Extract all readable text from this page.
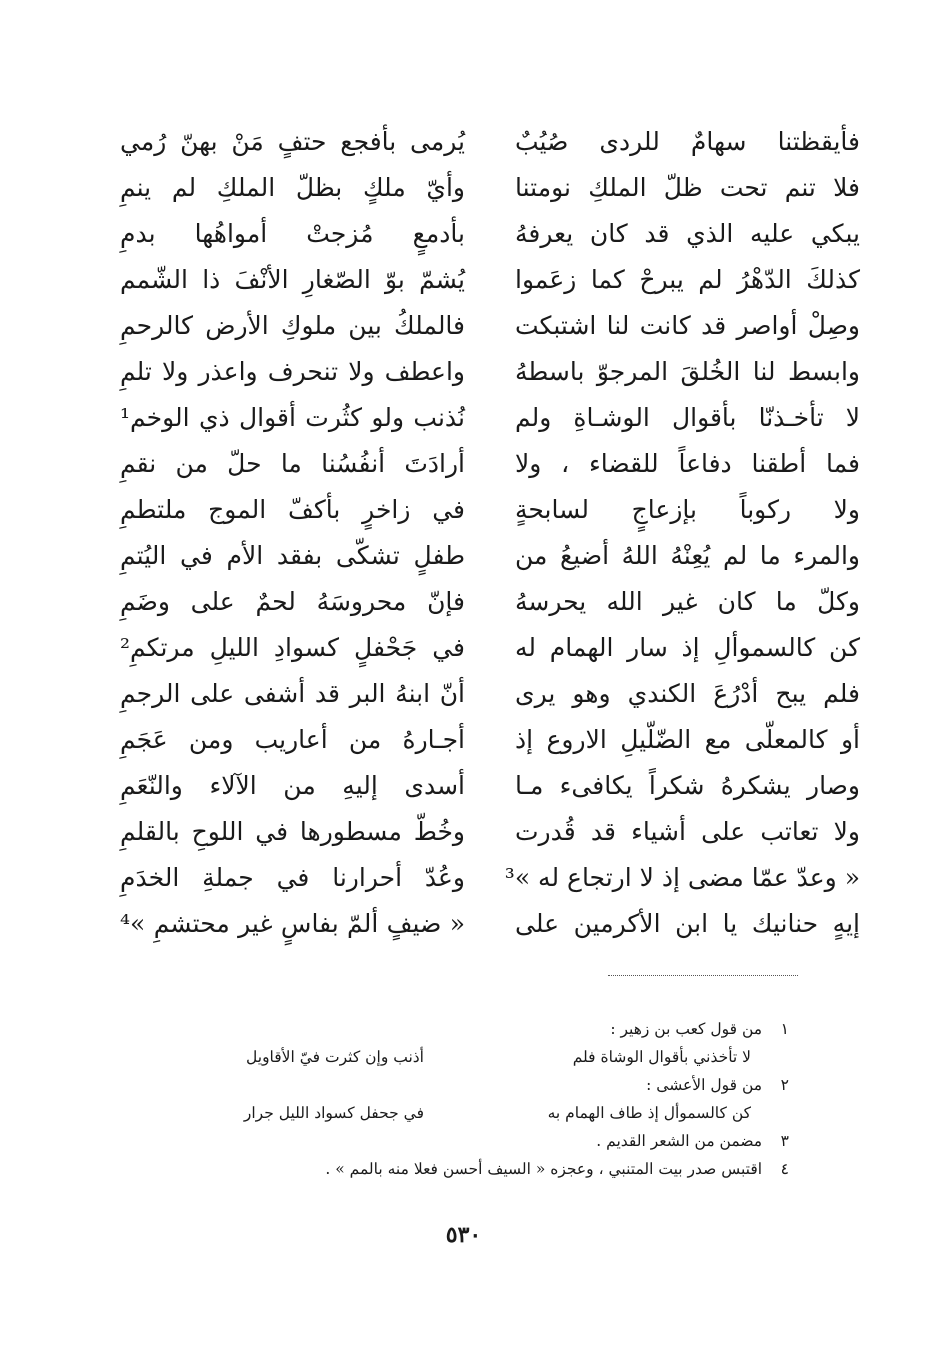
فأيقظتنا سهامٌ للردى صُيُبٌ
يُرمى بأفجع حتفٍ مَنْ بهنّ رُمي
فلا تنم تحت ظلّ الملكِ نومتنا
وأيّ ملكٍ بظلّ الملكِ لم ينمِ
يبكي عليه الذي قد كان يعرفهُ
بأدمعٍ مُزجتْ أمواهُها بدمِ
كذلكَ الدّهْرُ لم يبرحْ كما زعَموا
يُشمّ بوّ الصّغارِ الأنْفَ ذا الشّمم
وصِلْ أواصر قد كانت لنا اشتبكت
فالملكُ بين ملوكِ الأرض كالرحمِ
وابسط لنا الخُلقَ المرجوّ باسطهُ
واعطف ولا تنحرف واعذر ولا تلمِ
لا تأخـذنّا بأقوال الوشـاةِ ولم
نُذنب ولو كثُرت أقوال ذي الوخم¹
فما أطقنا دفاعاً للقضاء ، ولا
أرادَتَ أنفُسُنا ما حلّ من نقمِ
ولا ركوباً بإزعاجٍ لسابحةٍ
في زاخرٍ بأكفّ الموج ملتطمِ
والمرء ما لم يُعِنْهُ اللهُ أضيعُ من
طفلٍ تشكّى بفقد الأم في اليُتمِ
وكلّ ما كان غير الله يحرسهُ
فإنّ محروسَهُ لحمٌ على وضَمِ
كن كالسموألِ إذ سار الهمام له
في جَحْفلٍ كسوادِ الليلِ مرتكمِ²
فلم يبح أدْرُعَ الكندي وهو يرى
أنّ ابنهُ البر قد أشفى على الرجمِ
أو كالمعلّى مع الضّلّيلِ الاروع إذ
أجـارهُ من أعاريب ومن عَجَمِ
وصار يشكرهُ شكراً يكافىء مـا
أسدى إليهِ من الآلاء والنّعَمِ
ولا تعاتب على أشياء قد قُدرت
وخُطّ مسطورها في اللوحِ بالقلمِ
« وعدّ عمّا مضى إذ لا ارتجاع له »³
وعُدّ أحرارنا في جملةِ الخدَمِ
إيهٍ حنانيك يا ابن الأكرمين على
« ضيفٍ ألمّ بفاسٍ غير محتشمِ »⁴
١ من قول كعب بن زهير :
لا تأخذني بأقوال الوشاة فلم
أذنب وإن كثرت فيّ الأقاويل
٢ من قول الأعشى :
كن كالسموأل إذ طاف الهمام به
في جحفل كسواد الليل جرار
٣ مضمن من الشعر القديم .
٤ اقتبس صدر بيت المتنبي ، وعجزه « السيف أحسن فعلا منه بالمم » .
٥٣٠
